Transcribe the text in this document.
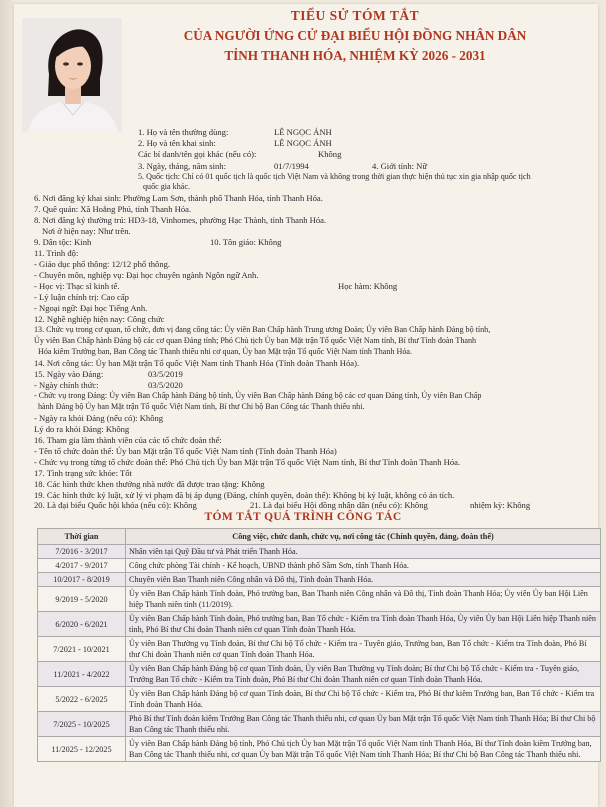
TIỂU SỬ TÓM TẮT
CỦA NGƯỜI ỨNG CỬ ĐẠI BIỂU HỘI ĐỒNG NHÂN DÂN
TỈNH THANH HÓA, NHIỆM KỲ 2026 - 2031
1. Họ và tên thường dùng:	LÊ NGỌC ÁNH
2. Họ và tên khai sinh:	LÊ NGỌC ÁNH
Các bí danh/tên gọi khác (nếu có):	Không
3. Ngày, tháng, năm sinh:	01/7/1994	4. Giới tính: Nữ
5. Quốc tịch: Chỉ có 01 quốc tịch là quốc tịch Việt Nam và không trong thời gian thực hiện thủ tục xin gia nhập quốc tịch
quốc gia khác.
6. Nơi đăng ký khai sinh: Phường Lam Sơn, thành phố Thanh Hóa, tỉnh Thanh Hóa.
7. Quê quán: Xã Hoằng Phú, tỉnh Thanh Hóa.
8. Nơi đăng ký thường trú: HD3-18, Vinhomes, phường Hạc Thành, tỉnh Thanh Hóa.
Nơi ở hiện nay: Như trên.
9. Dân tộc: Kinh	10. Tôn giáo: Không
11. Trình độ:
- Giáo dục phổ thông: 12/12 phổ thông.
- Chuyên môn, nghiệp vụ: Đại học chuyên ngành Ngôn ngữ Anh.
- Học vị: Thạc sĩ kinh tế.	Học hàm: Không
- Lý luận chính trị: Cao cấp
- Ngoại ngữ: Đại học Tiếng Anh.
12. Nghề nghiệp hiện nay: Công chức
13. Chức vụ trong cơ quan, tổ chức, đơn vị đang công tác: Ủy viên Ban Chấp hành Trung ương Đoàn; Ủy viên Ban Chấp hành Đảng bộ tỉnh,
Ủy viên Ban Chấp hành Đảng bộ các cơ quan Đảng tỉnh; Phó Chủ tịch Ủy ban Mặt trận Tổ quốc Việt Nam tỉnh, Bí thư Tỉnh đoàn Thanh
Hóa kiêm Trưởng ban, Ban Công tác Thanh thiếu nhi cơ quan, Ủy ban Mặt trận Tổ quốc Việt Nam tỉnh Thanh Hóa.
14. Nơi công tác: Ủy ban Mặt trận Tổ quốc Việt Nam tỉnh Thanh Hóa (Tỉnh đoàn Thanh Hóa).
15. Ngày vào Đảng:	03/5/2019
- Ngày chính thức:	03/5/2020
- Chức vụ trong Đảng: Ủy viên Ban Chấp hành Đảng bộ tỉnh, Ủy viên Ban Chấp hành Đảng bộ các cơ quan Đảng tỉnh, Ủy viên Ban Chấp
hành Đảng bộ Ủy ban Mặt trận Tổ quốc Việt Nam tỉnh, Bí thư Chi bộ Ban Công tác Thanh thiếu nhi.
- Ngày ra khỏi Đảng (nếu có): Không
Lý do ra khỏi Đảng: Không
16. Tham gia làm thành viên của các tổ chức đoàn thể:
- Tên tổ chức đoàn thể: Ủy ban Mặt trận Tổ quốc Việt Nam tỉnh (Tỉnh đoàn Thanh Hóa)
- Chức vụ trong từng tổ chức đoàn thể: Phó Chủ tịch Ủy ban Mặt trận Tổ quốc Việt Nam tỉnh, Bí thư Tỉnh đoàn Thanh Hóa.
17. Tình trạng sức khỏe: Tốt
18. Các hình thức khen thưởng nhà nước đã được trao tặng: Không
19. Các hình thức kỷ luật, xử lý vi phạm đã bị áp dụng (Đảng, chính quyền, đoàn thể): Không bị kỷ luật, không có án tích.
TÓM TẮT QUÁ TRÌNH CÔNG TÁC
Thời gian	Công việc, chức danh, chức vụ, nơi công tác (Chính quyền, đảng, đoàn thể)
7/2016 - 3/2017	Nhân viên tại Quỹ Đầu tư và Phát triển Thanh Hóa.
4/2017 - 9/2017	Công chức phòng Tài chính - Kế hoạch, UBND thành phố Sầm Sơn, tỉnh Thanh Hóa.
10/2017 - 8/2019	Chuyên viên Ban Thanh niên Công nhân và Đô thị, Tỉnh đoàn Thanh Hóa.
9/2019 - 5/2020	Ủy viên Ban Chấp hành Tỉnh đoàn, Phó trưởng ban, Ban Thanh niên Công nhân và Đô thị, Tỉnh đoàn Thanh Hóa; Ủy viên Ủy ban Hội Liên hiệp Thanh niên tỉnh (11/2019).
6/2020 - 6/2021	Ủy viên Ban Chấp hành Tỉnh đoàn, Phó trưởng ban, Ban Tổ chức - Kiểm tra Tỉnh đoàn Thanh Hóa, Ủy viên Ủy ban Hội Liên hiệp Thanh niên tỉnh, Phó Bí thư Chi đoàn Thanh niên cơ quan Tỉnh đoàn Thanh Hóa.
7/2021 - 10/2021	Ủy viên Ban Thường vụ Tỉnh đoàn, Bí thư Chi bộ Tổ chức - Kiểm tra - Tuyên giáo, Trưởng ban, Ban Tổ chức - Kiểm tra Tỉnh đoàn, Phó Bí thư Chi đoàn Thanh niên cơ quan Tỉnh đoàn Thanh Hóa.
11/2021 - 4/2022	Ủy viên Ban Chấp hành Đảng bộ cơ quan Tỉnh đoàn, Ủy viên Ban Thường vụ Tỉnh đoàn; Bí thư Chi bộ Tổ chức - Kiểm tra - Tuyên giáo, Trưởng Ban Tổ chức - Kiểm tra Tỉnh đoàn, Phó Bí thư Chi đoàn Thanh niên cơ quan Tỉnh đoàn Thanh Hóa.
5/2022 - 6/2025	Ủy viên Ban Chấp hành Đảng bộ cơ quan Tỉnh đoàn, Bí thư Chi bộ Tổ chức - Kiểm tra, Phó Bí thư kiêm Trưởng ban, Ban Tổ chức - Kiểm tra Tỉnh đoàn Thanh Hóa.
7/2025 - 10/2025	Phó Bí thư Tỉnh đoàn kiêm Trưởng Ban Công tác Thanh thiếu nhi, cơ quan Ủy ban Mặt trận Tổ quốc Việt Nam tỉnh Thanh Hóa; Bí thư Chi bộ Ban Công tác Thanh thiếu nhi.
11/2025 - 12/2025	Ủy viên Ban Chấp hành Đảng bộ tỉnh, Phó Chủ tịch Ủy ban Mặt trận Tổ quốc Việt Nam tỉnh Thanh Hóa, Bí thư Tỉnh đoàn kiêm Trưởng ban, Ban Công tác Thanh thiếu nhi, cơ quan Ủy ban Mặt trận Tổ quốc Việt Nam tỉnh Thanh Hóa; Bí thư Chi bộ Ban Công tác Thanh thiếu nhi.
20. Là đại biểu Quốc hội khóa (nếu có): Không	21. Là đại biểu Hội đồng nhân dân (nếu có): Không	nhiệm kỳ: Không
